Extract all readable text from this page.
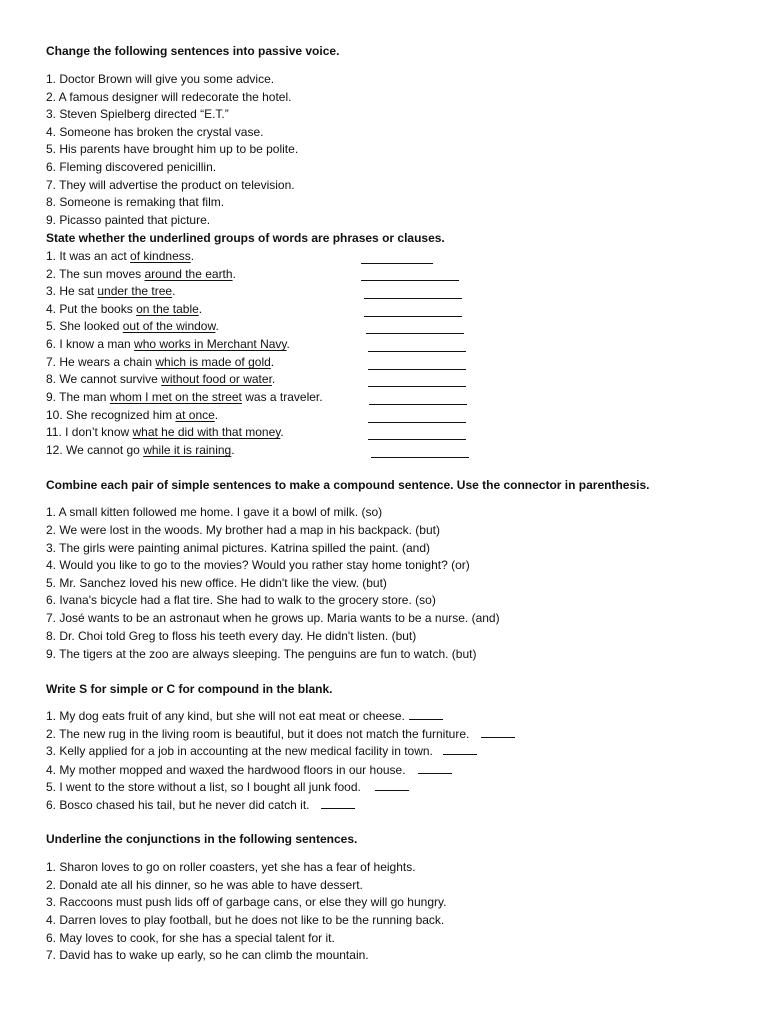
Change the following sentences into passive voice.
1. Doctor Brown will give you some advice.
2. A famous designer will redecorate the hotel.
3. Steven Spielberg directed “E.T.”
4. Someone has broken the crystal vase.
5. His parents have brought him up to be polite.
6. Fleming discovered penicillin.
7. They will advertise the product on television.
8. Someone is remaking that film.
9. Picasso painted that picture.
State whether the underlined groups of words are phrases or clauses.
1. It was an act of kindness.
2. The sun moves around the earth.
3. He sat under the tree.
4. Put the books on the table.
5. She looked out of the window.
6. I know a man who works in Merchant Navy.
7. He wears a chain which is made of gold.
8. We cannot survive without food or water.
9. The man whom I met on the street was a traveler.
10. She recognized him at once.
11. I don’t know what he did with that money.
12. We cannot go while it is raining.
Combine each pair of simple sentences to make a compound sentence. Use the connector in parenthesis.
1. A small kitten followed me home. I gave it a bowl of milk. (so)
2. We were lost in the woods. My brother had a map in his backpack. (but)
3. The girls were painting animal pictures. Katrina spilled the paint. (and)
4. Would you like to go to the movies? Would you rather stay home tonight? (or)
5. Mr. Sanchez loved his new office. He didn't like the view. (but)
6. Ivana's bicycle had a flat tire. She had to walk to the grocery store. (so)
7. José wants to be an astronaut when he grows up. Maria wants to be a nurse. (and)
8. Dr. Choi told Greg to floss his teeth every day. He didn't listen. (but)
9. The tigers at the zoo are always sleeping. The penguins are fun to watch. (but)
Write S for simple or C for compound in the blank.
1. My dog eats fruit of any kind, but she will not eat meat or cheese.
2. The new rug in the living room is beautiful, but it does not match the furniture.
3. Kelly applied for a job in accounting at the new medical facility in town.
4. My mother mopped and waxed the hardwood floors in our house.
5. I went to the store without a list, so I bought all junk food.
6. Bosco chased his tail, but he never did catch it.
Underline the conjunctions in the following sentences.
1. Sharon loves to go on roller coasters, yet she has a fear of heights.
2. Donald ate all his dinner, so he was able to have dessert.
3. Raccoons must push lids off of garbage cans, or else they will go hungry.
4. Darren loves to play football, but he does not like to be the running back.
6. May loves to cook, for she has a special talent for it.
7. David has to wake up early, so he can climb the mountain.
